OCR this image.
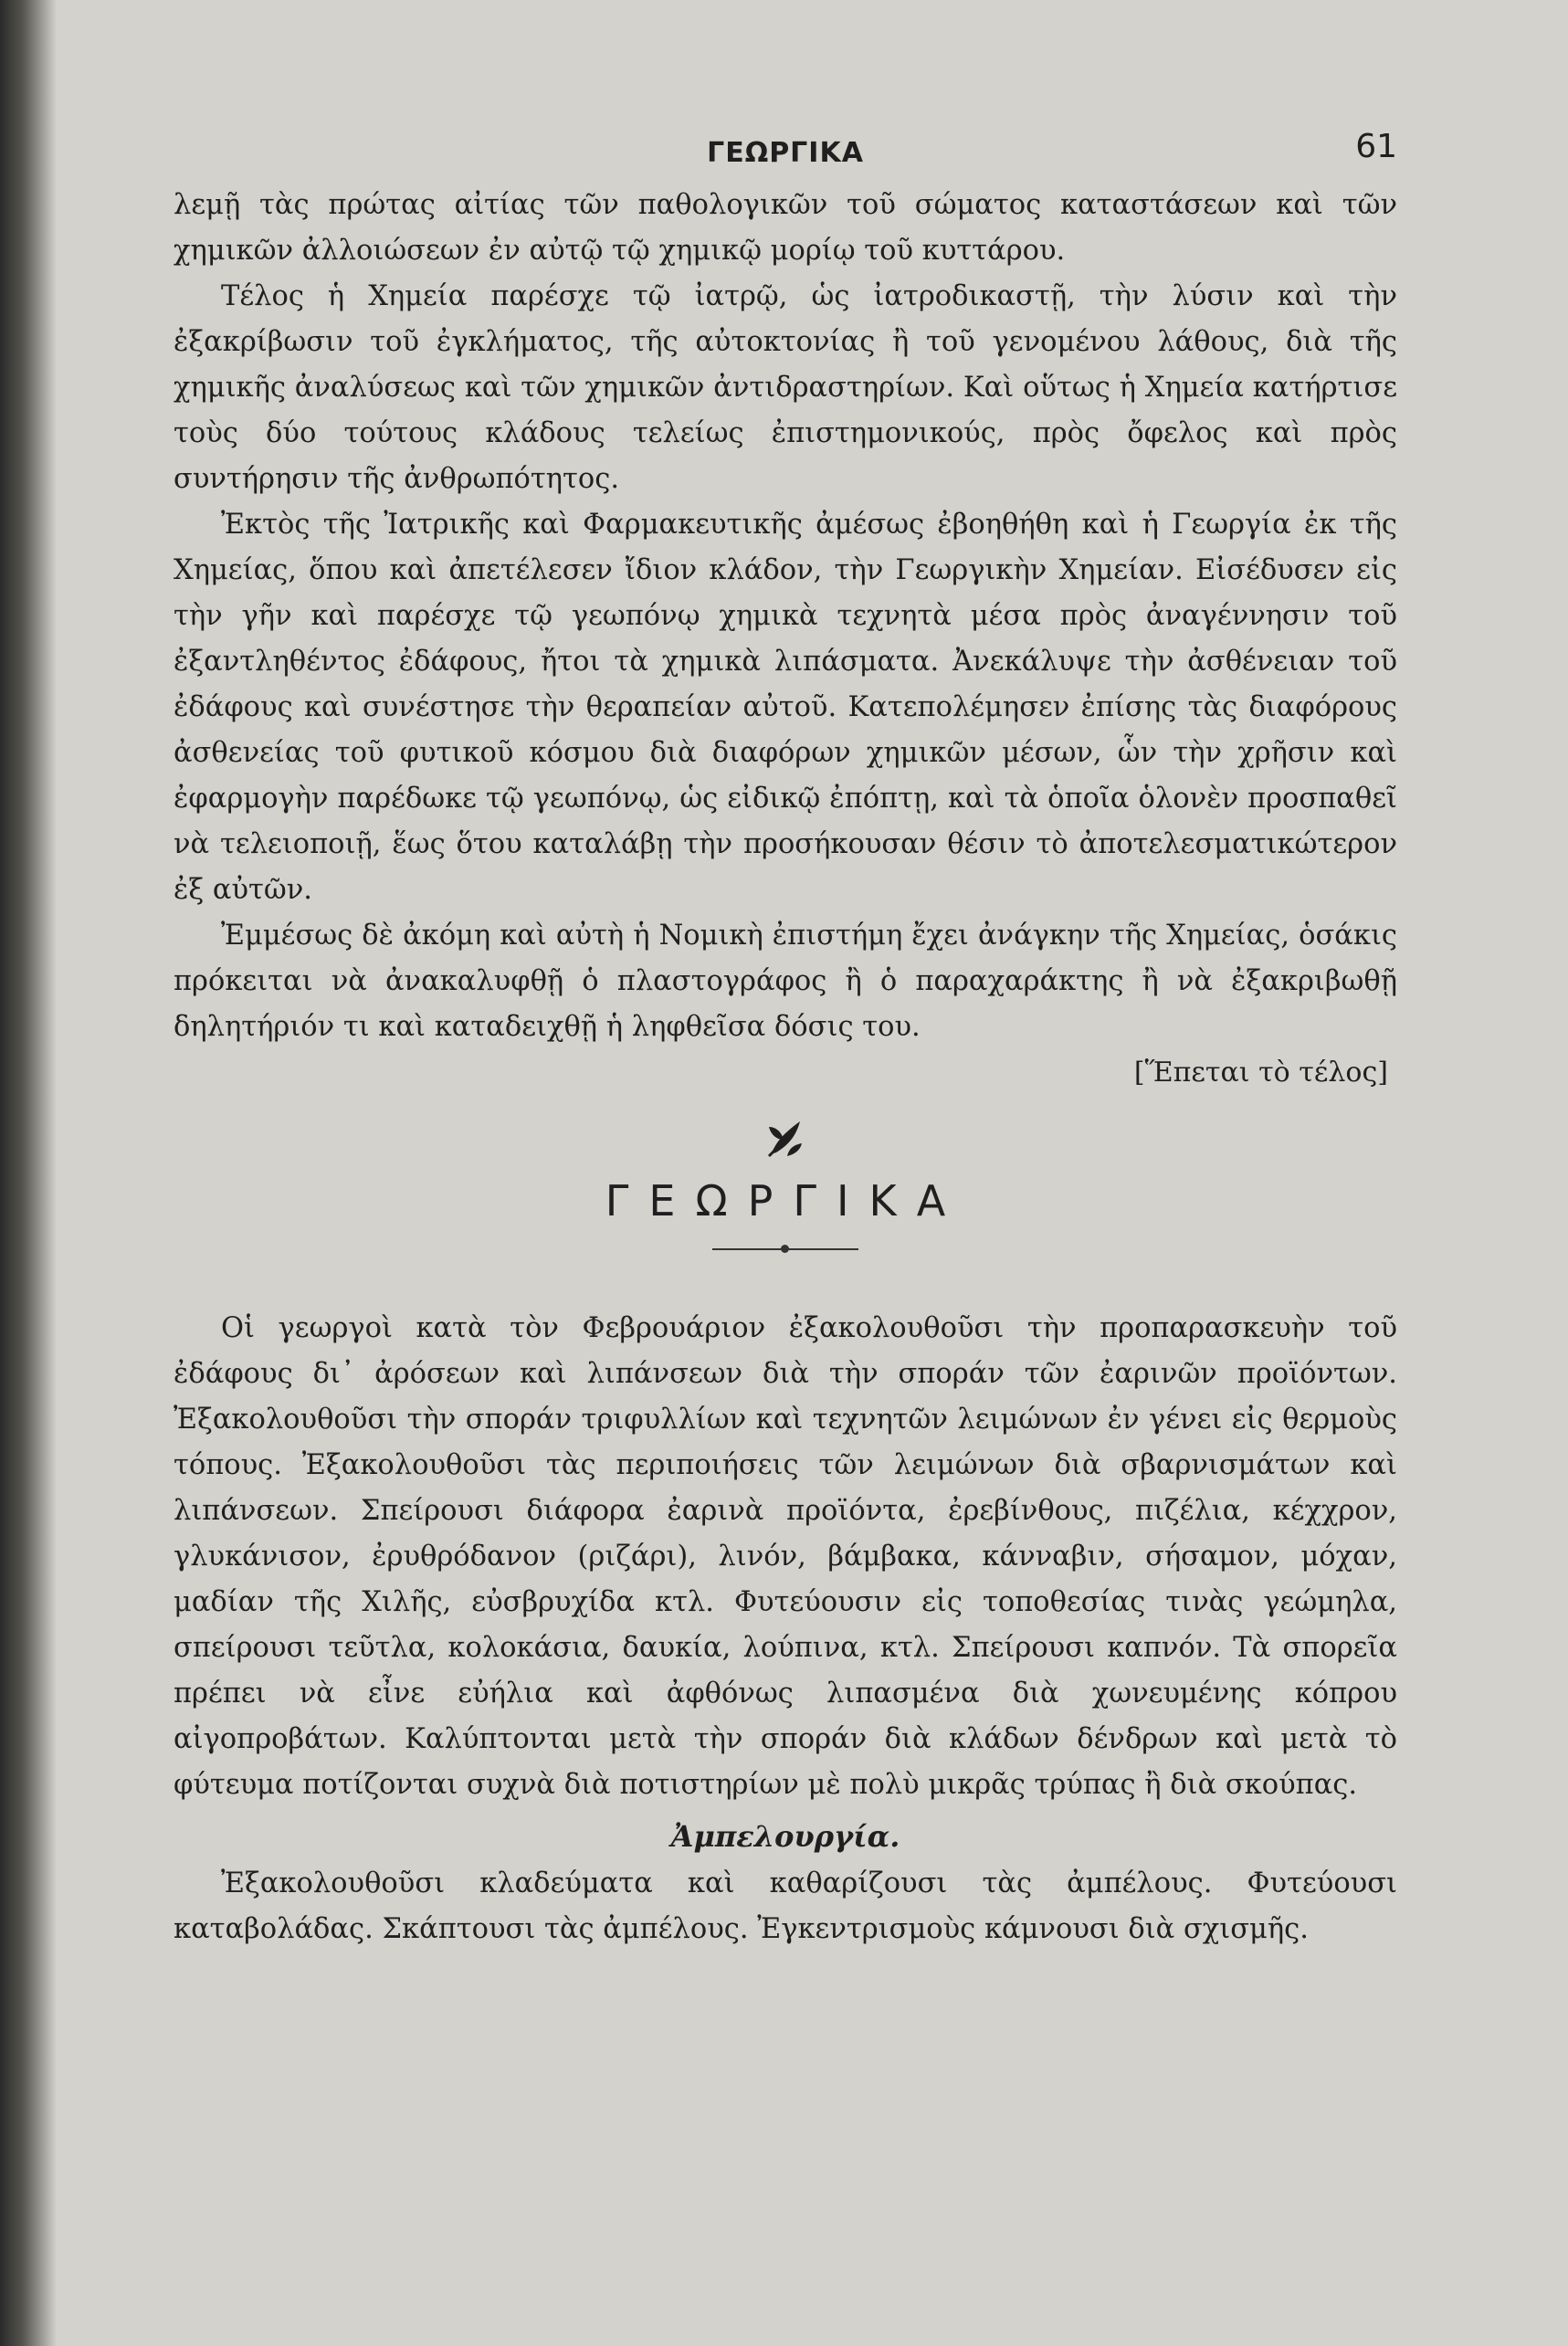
ΓΕΩΡΓΙΚΑ	61

λεμῇ τὰς πρώτας αἰτίας τῶν παθολογικῶν τοῦ σώματος καταστάσεων καὶ τῶν χημικῶν ἀλλοιώσεων ἐν αὐτῷ τῷ χημικῷ μορίῳ τοῦ κυττάρου.

Τέλος ἡ Χημεία παρέσχε τῷ ἰατρῷ, ὡς ἰατροδικαστῇ, τὴν λύσιν καὶ τὴν ἐξακρίβωσιν τοῦ ἐγκλήματος, τῆς αὐτοκτονίας ἢ τοῦ γενομένου λάθους, διὰ τῆς χημικῆς ἀναλύσεως καὶ τῶν χημικῶν ἀντιδραστηρίων. Καὶ οὕτως ἡ Χημεία κατήρτισε τοὺς δύο τούτους κλάδους τελείως ἐπιστημονικούς, πρὸς ὄφελος καὶ πρὸς συντήρησιν τῆς ἀνθρωπότητος.

Ἐκτὸς τῆς Ἰατρικῆς καὶ Φαρμακευτικῆς ἀμέσως ἐβοηθήθη καὶ ἡ Γεωργία ἐκ τῆς Χημείας, ὅπου καὶ ἀπετέλεσεν ἴδιον κλάδον, τὴν Γεωργικὴν Χημείαν. Εἰσέδυσεν εἰς τὴν γῆν καὶ παρέσχε τῷ γεωπόνῳ χημικὰ τεχνητὰ μέσα πρὸς ἀναγέννησιν τοῦ ἐξαντληθέντος ἐδάφους, ἤτοι τὰ χημικὰ λιπάσματα. Ἀνεκάλυψε τὴν ἀσθένειαν τοῦ ἐδάφους καὶ συνέστησε τὴν θεραπείαν αὐτοῦ. Κατεπολέμησεν ἐπίσης τὰς διαφόρους ἀσθενείας τοῦ φυτικοῦ κόσμου διὰ διαφόρων χημικῶν μέσων, ὧν τὴν χρῆσιν καὶ ἐφαρμογὴν παρέδωκε τῷ γεωπόνῳ, ὡς εἰδικῷ ἐπόπτῃ, καὶ τὰ ὁποῖα ὁλονὲν προσπαθεῖ νὰ τελειοποιῇ, ἕως ὅτου καταλάβῃ τὴν προσήκουσαν θέσιν τὸ ἀποτελεσματικώτερον ἐξ αὐτῶν.

Ἐμμέσως δὲ ἀκόμη καὶ αὐτὴ ἡ Νομικὴ ἐπιστήμη ἔχει ἀνάγκην τῆς Χημείας, ὁσάκις πρόκειται νὰ ἀνακαλυφθῇ ὁ πλαστογράφος ἢ ὁ παραχαράκτης ἢ νὰ ἐξακριβωθῇ δηλητήριόν τι καὶ καταδειχθῇ ἡ ληφθεῖσα δόσις του.

[Ἕπεται τὸ τέλος]
ΓΕΩΡΓΙΚΑ

Οἱ γεωργοὶ κατὰ τὸν Φεβρουάριον ἐξακολουθοῦσι τὴν προπαρασκευὴν τοῦ ἐδάφους δι᾽ ἀρόσεων καὶ λιπάνσεων διὰ τὴν σποράν τῶν ἐαρινῶν προϊόντων. Ἐξακολουθοῦσι τὴν σποράν τριφυλλίων καὶ τεχνητῶν λειμώνων ἐν γένει εἰς θερμοὺς τόπους. Ἐξακολουθοῦσι τὰς περιποιήσεις τῶν λειμώνων διὰ σβαρνισμάτων καὶ λιπάνσεων. Σπείρουσι διάφορα ἐαρινὰ προϊόντα, ἐρεβίνθους, πιζέλια, κέχχρον, γλυκάνισον, ἐρυθρόδανον (ριζάρι), λινόν, βάμβακα, κάνναβιν, σήσαμον, μόχαν, μαδίαν τῆς Χιλῆς, εὐσβρυχίδα κτλ. Φυτεύουσιν εἰς τοποθεσίας τινὰς γεώμηλα, σπείρουσι τεῦτλα, κολοκάσια, δαυκία, λούπινα, κτλ. Σπείρουσι καπνόν. Τὰ σπορεῖα πρέπει νὰ εἶνε εὐήλια καὶ ἀφθόνως λιπασμένα διὰ χωνευμένης κόπρου αἰγοπροβάτων. Καλύπτονται μετὰ τὴν σποράν διὰ κλάδων δένδρων καὶ μετὰ τὸ φύτευμα ποτίζονται συχνὰ διὰ ποτιστηρίων μὲ πολὺ μικρᾶς τρύπας ἢ διὰ σκούπας.

Ἀμπελουργία.

Ἐξακολουθοῦσι κλαδεύματα καὶ καθαρίζουσι τὰς ἀμπέλους. Φυτεύουσι καταβολάδας. Σκάπτουσι τὰς ἀμπέλους. Ἐγκεντρισμοὺς κάμνουσι διὰ σχισμῆς.
